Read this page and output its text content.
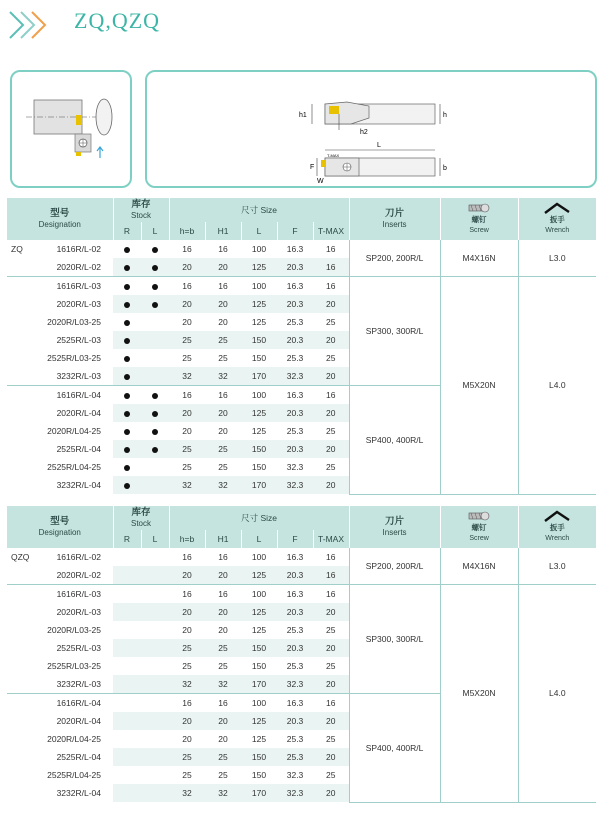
ZQ,QZQ
h1
h2
h
L
T-MAX
F
W
b
型号
Designation	库存
Stock		尺寸 Size					刀片
Inserts	螺钉
Screw	扳手
Wrench

	R	L	h=b	H1	L	F	T-MAX			

ZQ 1616R/L-02			16	16	100	16.3	16	SP200, 200R/L	M4X16N	L3.0
2020R/L-02			20	20	125	20.3	16			
1616R/L-03			16	16	100	16.3	16	SP300, 300R/L	M5X20N	L4.0
2020R/L-03			20	20	125	20.3	20			
2020R/L03-25			20	20	125	25.3	25			
2525R/L-03			25	25	150	20.3	20			
2525R/L03-25			25	25	150	25.3	25			
3232R/L-03			32	32	170	32.3	20			
1616R/L-04			16	16	100	16.3	16	SP400, 400R/L		
2020R/L-04			20	20	125	20.3	20			
2020R/L04-25			20	20	125	25.3	25			
2525R/L-04			25	25	150	20.3	20			
2525R/L04-25			25	25	150	32.3	25			
3232R/L-04			32	32	170	32.3	20			
型号
Designation	库存
Stock		尺寸 Size					刀片
Inserts	螺钉
Screw	扳手
Wrench

	R	L	h=b	H1	L	F	T-MAX			

QZQ 1616R/L-02			16	16	100	16.3	16	SP200, 200R/L	M4X16N	L3.0
2020R/L-02			20	20	125	20.3	16			
1616R/L-03			16	16	100	16.3	16	SP300, 300R/L	M5X20N	L4.0
2020R/L-03			20	20	125	20.3	20			
2020R/L03-25			20	20	125	25.3	25			
2525R/L-03			25	25	150	20.3	20			
2525R/L03-25			25	25	150	25.3	25			
3232R/L-03			32	32	170	32.3	20			
1616R/L-04			16	16	100	16.3	16	SP400, 400R/L		
2020R/L-04			20	20	125	20.3	20			
2020R/L04-25			20	20	125	25.3	25			
2525R/L-04			25	25	150	25.3	20			
2525R/L04-25			25	25	150	32.3	25			
3232R/L-04			32	32	170	32.3	20			
